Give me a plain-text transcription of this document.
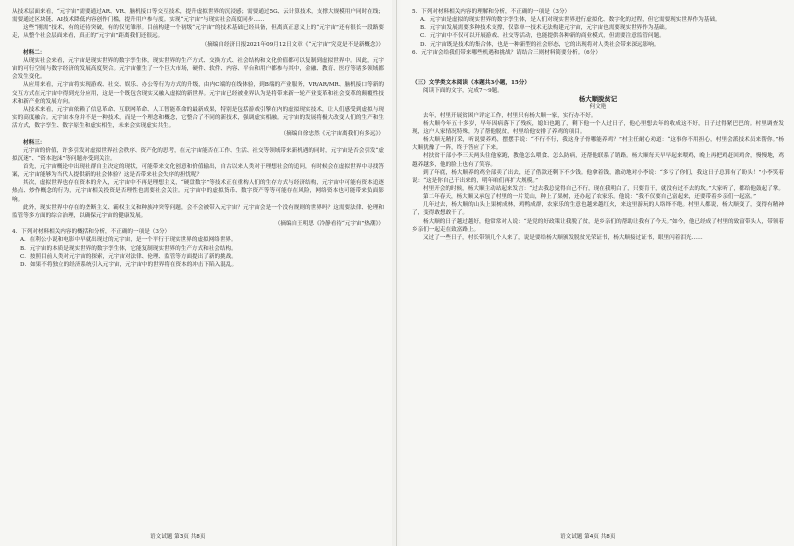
从技术层面来看，“元宇宙”需要通过AR、VR、脑机接口等交互技术，提升虚拟世界的沉浸感；需要通过5G、云计算技术，支撑大规模用户同时在线；需要通过区块链、AI技术降低内容创作门槛，提升用户参与度。实现“元宇宙”与现实社会高度同步……

这些“刚需”技术，有的还待突破，有的仅见雏形。目前构建一个初级“元宇宙”的技术基础已经具备，但离真正意义上的“元宇宙”还有很长一段路要走，从整个社会层面来看，真正的“元宇宙”距离我们还很远。

（摘编自经济日报2021年09月12日文章《“元宇宙”究竟是不是新概念》）

材料二：

从现实社会来看，元宇宙是现实世界的数字孪生体，现实世界的生产方式、交换方式、社会结构和文化价值都可以复制到虚拟世界中。因此，元宇宙的可行空间与数字经济的发展高度契合。元宇宙催生了一个巨大市场，硬件、软件、内容、平台和用户都参与其中，金融、教育、医疗等诸多领域都会发生变化。

从应用来看，元宇宙将实现游戏、社交、娱乐、办公等行为方式的升级，由内C端的在线体验，到B端的产业服务，VR/AR/MR、脑机接口等新的交互方式在元宇宙中得到充分应用，这是一个既包含现实又融入虚拟的新世界。元宇宙已经被业界认为是将带来新一轮产业变革和社会变革的颠覆性技术和新产业的发展方向。

从技术来看，元宇宙依赖了信息革命、互联网革命、人工智能革命的最新成果，特别是包括游戏引擎在内的虚拟现实技术，让人们感受到虚拟与现实的高度融合。元宇宙本身并不是一种技术，而是一个理念和概念，它整合了不同的新技术，强调虚实相融。元宇宙的发展将极大改变人们的生产和生活方式，数字孪生、数字原生和虚实相生，未来会实现虚实共生。

（摘编自徐忠然《元宇宙离我们有多远》）

材料三：

元宇宙的价值，许多引发对虚拟世界社会秩序、资产化的思考，在元宇宙能否在工作、生活、社交等领域带来新机遇的同时，元宇宙是否会引发“虚拟沉迷”、“资本泡沫”等问题亦受到关注。

首先，元宇宙概论中出现社群自主决定的现状，可能带来文化创意和价值输出，自古以来人类对于理想社会的追问，有时候会在虚拟世界中寻找答案，元宇宙能够为当代人提供新的社会体验？这是否带来社会失序的担忧呢？

其次，虚拟世界也存在资本的介入，元宇宙中不再是理想主义，“硬盘数字”等技术正在重构人们的生存方式与经济结构，元宇宙中可能有资本追逐热点、炒作概念的行为，元宇宙相关投资是否理性也需要社会关注。元宇宙中的虚拟货币、数字资产等等可能存在风险，网络资本也可能带来负面影响。

此外，现实世界中存在的垄断主义、霸权主义和种族冲突等问题，会不会被带入元宇宙？元宇宙会是一个没有规则的世界吗？这需要法律、伦理和监管等多方面的综合治理，以确保元宇宙的健康发展。

（摘编自王明思《冷静看待“元宇宙”热潮》）

4．下列对材料相关内容的概括和分析，不正确的一项是（3分）

A．在利公小说和电影中早就出现过的元宇宙，是一个平行于现实世界的虚拟网络世界。

B．元宇宙的本质是现实世界的数字孪生体，它能复制现实世界的生产方式和社会结构。

C．按照目前人类对元宇宙的探索，元宇宙对法律、伦理、监管等方面提出了新的挑战。

D．如果不将独立的经济系统引入元宇宙，元宇宙中的世界将在资本的冲击下陷入混乱。

5．下列对材料相关内容的理解和分析，不正确的一项是（3分）

A．元宇宙是虚拟的现实世界的数字孪生体，是人们对现实世界进行虚拟化、数字化的过程，但它需要现实世界作为基础。

B．元宇宙发展需要多种技术支撑，仅靠单一技术无法构建元宇宙，元宇宙也需要现实世界作为基础。

C．元宇宙中不仅可以开展游戏、社交等活动，也能提供各种新的商业模式，但需要注意监管问题。

D．元宇宙既是技术的集合体，也是一种新型的社会形态，它的出现将对人类社会带来深远影响。

6．元宇宙会给我们带来哪些机遇和挑战？请结合三则材料简要分析。（6分）

（三）文学类文本阅读（本题共3小题，15分）

阅读下面的文字，完成7～9题。

杨大顺脱贫记

何文艳

去年，村里开展贫困户评定工作，村里只有杨大顺一家，实行办不好。

杨大顺今年五十多岁，早年因病落下了残疾，媳妇也跑了，剩下他一个人过日子，他心里想去年的收成这不好，日子过得紧巴巴的。村里调查发现，这户人家情况特殊，为了帮他脱贫，村里给他安排了养鸡的项目。

杨大顺无精打采，听说要养鸡，摆摆手说：“不行不行，我这身子骨哪能养鸡？”村主任耐心劝道：“这事你不用担心，村里会派技术员来帮你。”杨大顺犹豫了一阵，终于答应了下来。

村扶贫干部小李三天两头往他家跑，教他怎么喂食、怎么防病，还帮他联系了销路。杨大顺每天早早起来喂鸡，晚上再把鸡赶回鸡舍，慢慢地，鸡越养越多，他的脸上也有了笑容。

到了年底，杨大顺养的鸡全部卖了出去，还了借款还剩下不少钱。他拿着钱，激动地对小李说：“多亏了你们，我这日子总算有了盼头！”小李笑着说：“这是你自己干出来的，明年咱们再扩大规模。”

村里开会的时候，杨大顺主动站起来发言：“过去我总觉得自己不行，现在我明白了，只要肯干，就没有过不去的坎。”大家听了，都给他鼓起了掌。

第二年春天，杨大顺又承包了村里的一片荒山，种上了果树，还办起了农家乐。他说：“我不仅要自己富起来，还要带着乡亲们一起富。”

几年过去，杨大顺的山头上果树成林，鸡鸭成群，农家乐的生意也越来越红火，来这里游玩的人络绎不绝。村里人都说，杨大顺变了，变得有精神了，变得敢想敢干了。

杨大顺的日子越过越好，他常常对人说：“是党的好政策让我脱了贫，是乡亲们的帮助让我有了今天。”如今，他已经成了村里的致富带头人，带领着乡亲们一起走在致富路上。

又过了一些日子，村长带领几个人来了，说是要给杨大顺颁发脱贫光荣证书，杨大顺接过证书，眼里闪着泪光……

语文试题 第3页 共8页	语文试题 第4页 共8页
